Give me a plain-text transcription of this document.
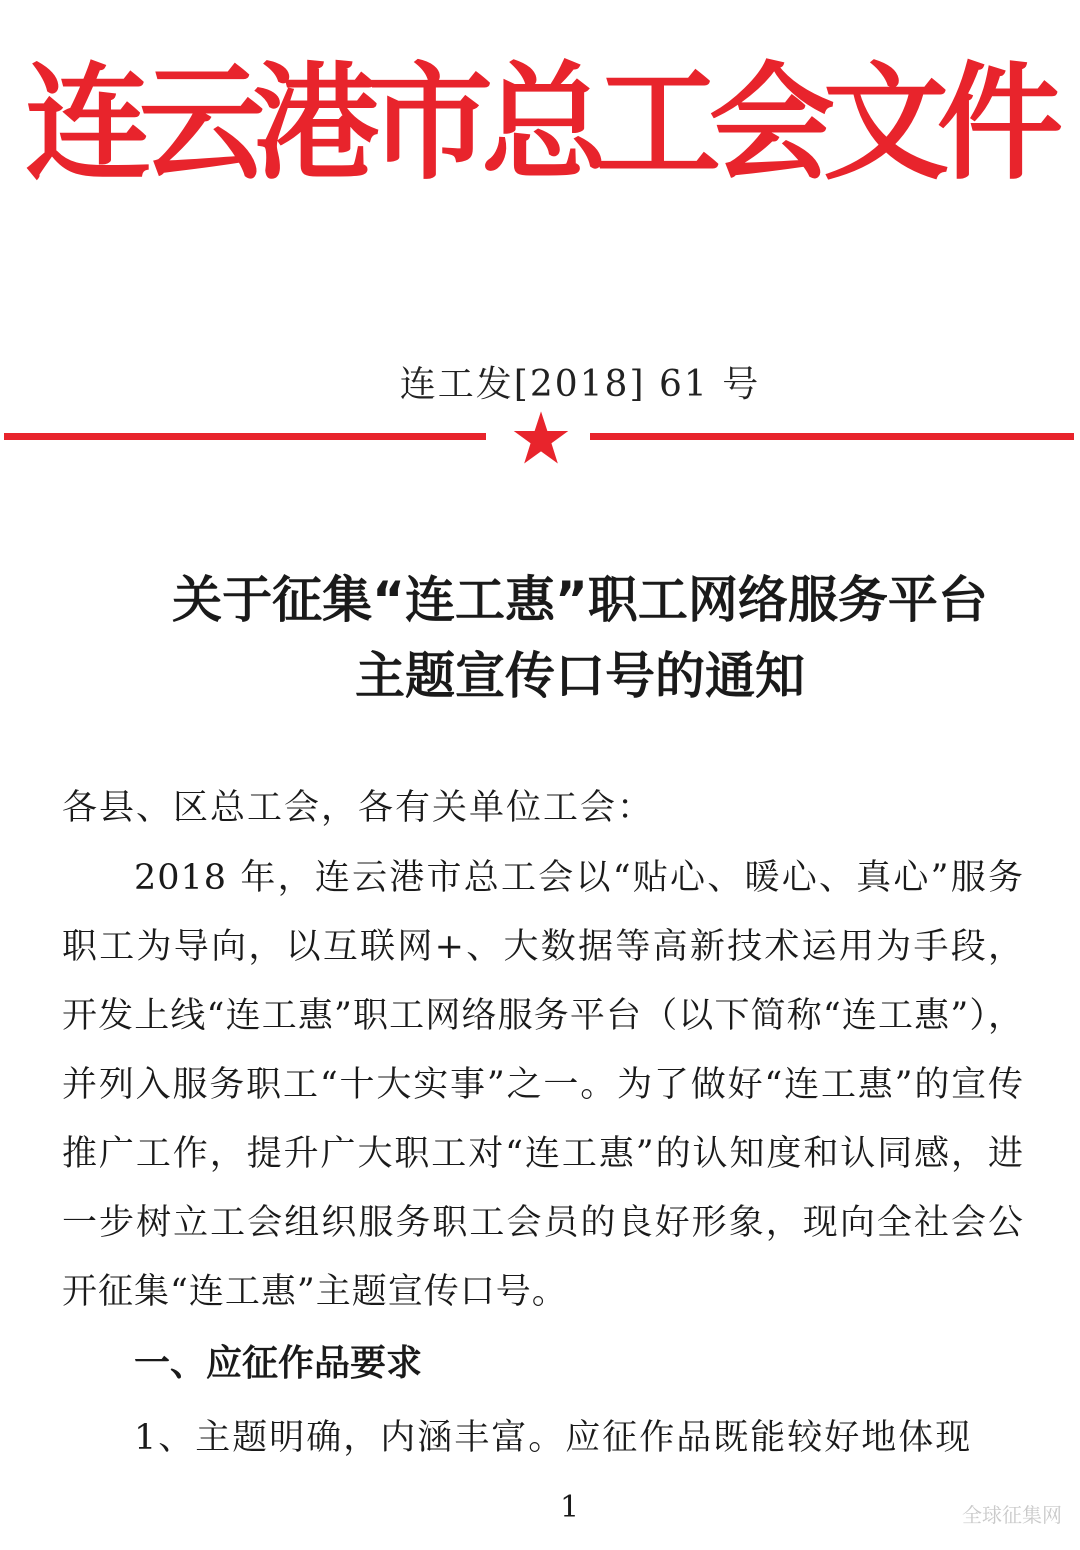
连云港市总工会文件
连工发[2018] 61 号
关于征集“连工惠”职工网络服务平台
主题宣传口号的通知
各县、区总工会，各有关单位工会：
2018 年，连云港市总工会以“贴心、暖心、真心”服务职工为导向，以互联网+、大数据等高新技术运用为手段，开发上线“连工惠”职工网络服务平台（以下简称“连工惠”），并列入服务职工“十大实事”之一。为了做好“连工惠”的宣传推广工作，提升广大职工对“连工惠”的认知度和认同感，进一步树立工会组织服务职工会员的良好形象，现向全社会公开征集“连工惠”主题宣传口号。
一、应征作品要求
1、主题明确，内涵丰富。应征作品既能较好地体现
1	全球征集网
